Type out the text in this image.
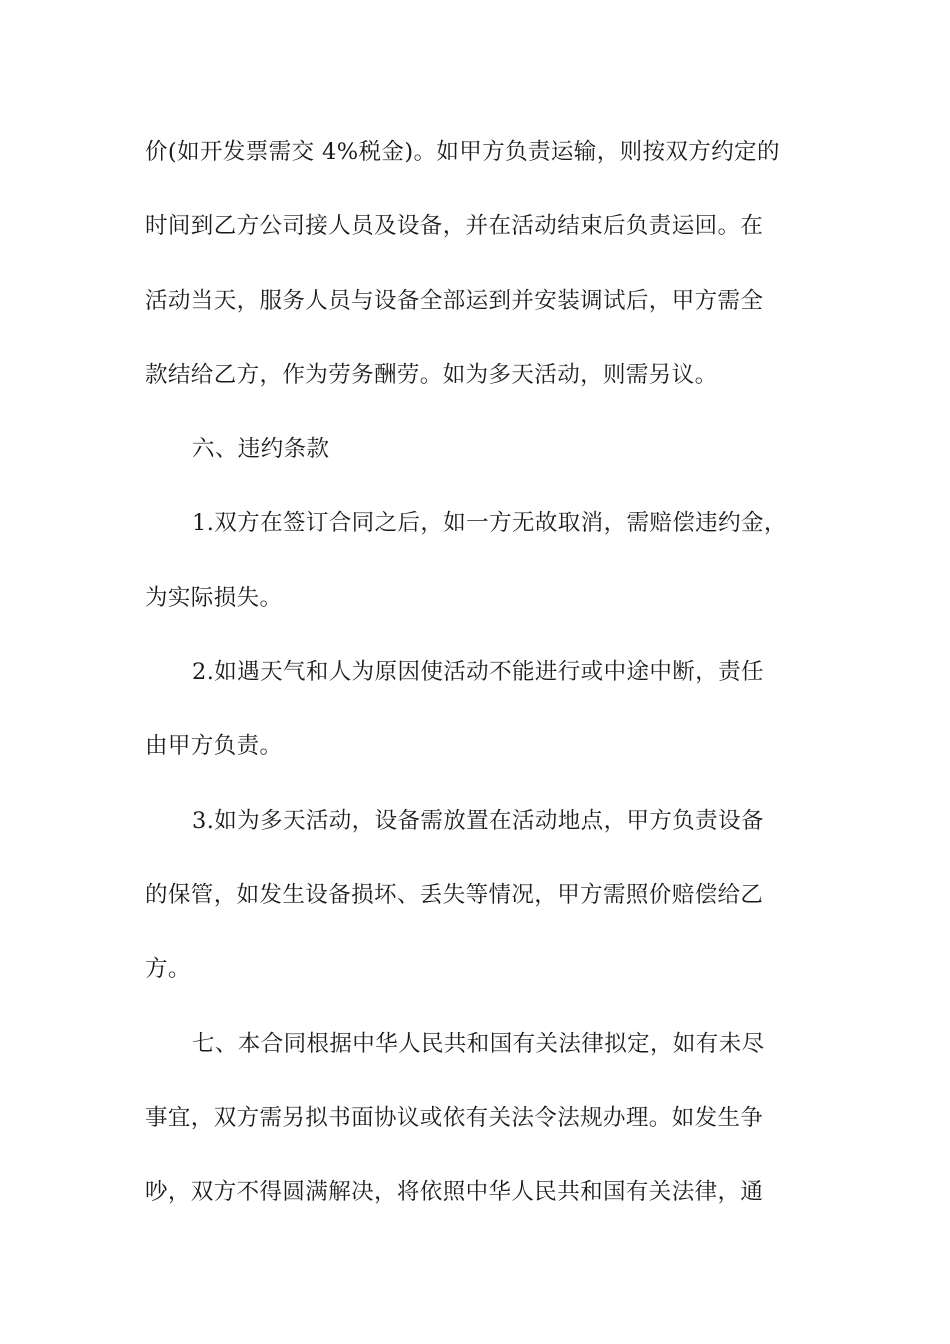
价(如开发票需交 4%税金)。如甲方负责运输，则按双方约定的
时间到乙方公司接人员及设备，并在活动结束后负责运回。在
活动当天，服务人员与设备全部运到并安装调试后，甲方需全
款结给乙方，作为劳务酬劳。如为多天活动，则需另议。
六、违约条款
1.双方在签订合同之后，如一方无故取消，需赔偿违约金，
为实际损失。
2.如遇天气和人为原因使活动不能进行或中途中断，责任
由甲方负责。
3.如为多天活动，设备需放置在活动地点，甲方负责设备
的保管，如发生设备损坏、丢失等情况，甲方需照价赔偿给乙
方。
七、本合同根据中华人民共和国有关法律拟定，如有未尽
事宜，双方需另拟书面协议或依有关法令法规办理。如发生争
吵，双方不得圆满解决，将依照中华人民共和国有关法律，通
